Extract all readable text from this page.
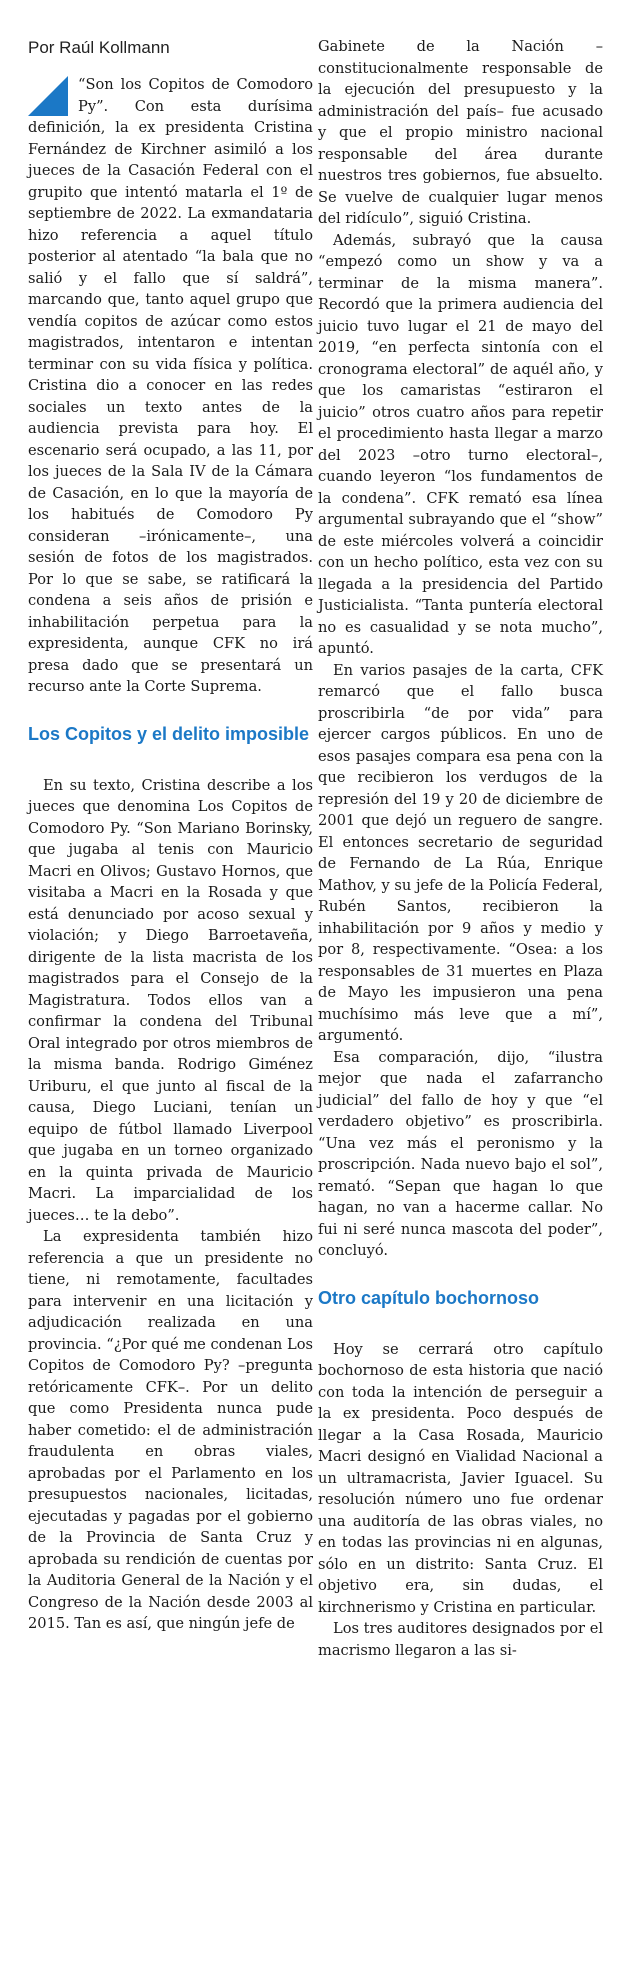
Por Raúl Kollmann

“Son los Copitos de Comodoro Py”. Con esta durísima definición, la ex presidenta Cristina Fernández de Kirchner asimiló a los jueces de la Casación Federal con el grupito que intentó matarla el 1º de septiembre de 2022. La exmandataria hizo referencia a aquel título posterior al atentado “la bala que no salió y el fallo que sí saldrá”, marcando que, tanto aquel grupo que vendía copitos de azúcar como estos magistrados, intentaron e intentan terminar con su vida física y política. Cristina dio a conocer en las redes sociales un texto antes de la audiencia prevista para hoy. El escenario será ocupado, a las 11, por los jueces de la Sala IV de la Cámara de Casación, en lo que la mayoría de los habitués de Comodoro Py consideran –irónicamente–, una sesión de fotos de los magistrados. Por lo que se sabe, se ratificará la condena a seis años de prisión e inhabilitación perpetua para la expresidenta, aunque CFK no irá presa dado que se presentará un recurso ante la Corte Suprema.

Los Copitos y el delito imposible

En su texto, Cristina describe a los jueces que denomina Los Copitos de Comodoro Py. “Son Mariano Borinsky, que jugaba al tenis con Mauricio Macri en Olivos; Gustavo Hornos, que visitaba a Macri en la Rosada y que está denunciado por acoso sexual y violación; y Diego Barroetaveña, dirigente de la lista macrista de los magistrados para el Consejo de la Magistratura. Todos ellos van a confirmar la condena del Tribunal Oral integrado por otros miembros de la misma banda. Rodrigo Giménez Uriburu, el que junto al fiscal de la causa, Diego Luciani, tenían un equipo de fútbol llamado Liverpool que jugaba en un torneo organizado en la quinta privada de Mauricio Macri. La imparcialidad de los jueces… te la debo”.

La expresidenta también hizo referencia a que un presidente no tiene, ni remotamente, facultades para intervenir en una licitación y adjudicación realizada en una provincia. “¿Por qué me condenan Los Copitos de Comodoro Py? –pregunta retóricamente CFK–. Por un delito que como Presidenta nunca pude haber cometido: el de administración fraudulenta en obras viales, aprobadas por el Parlamento en los presupuestos nacionales, licitadas, ejecutadas y pagadas por el gobierno de la Provincia de Santa Cruz y aprobada su rendición de cuentas por la Auditoria General de la Nación y el Congreso de la Nación desde 2003 al 2015. Tan es así, que ningún jefe de

Gabinete de la Nación –constitucionalmente responsable de la ejecución del presupuesto y la administración del país– fue acusado y que el propio ministro nacional responsable del área durante nuestros tres gobiernos, fue absuelto. Se vuelve de cualquier lugar menos del ridículo”, siguió Cristina.

Además, subrayó que la causa “empezó como un show y va a terminar de la misma manera”. Recordó que la primera audiencia del juicio tuvo lugar el 21 de mayo del 2019, “en perfecta sintonía con el cronograma electoral” de aquél año, y que los camaristas “estiraron el juicio” otros cuatro años para repetir el procedimiento hasta llegar a marzo del 2023 –otro turno electoral–, cuando leyeron “los fundamentos de la condena”. CFK remató esa línea argumental subrayando que el “show” de este miércoles volverá a coincidir con un hecho político, esta vez con su llegada a la presidencia del Partido Justicialista. “Tanta puntería electoral no es casualidad y se nota mucho”, apuntó.

En varios pasajes de la carta, CFK remarcó que el fallo busca proscribirla “de por vida” para ejercer cargos públicos. En uno de esos pasajes compara esa pena con la que recibieron los verdugos de la represión del 19 y 20 de diciembre de 2001 que dejó un reguero de sangre. El entonces secretario de seguridad de Fernando de La Rúa, Enrique Mathov, y su jefe de la Policía Federal, Rubén Santos, recibieron la inhabilitación por 9 años y medio y por 8, respectivamente. “Osea: a los responsables de 31 muertes en Plaza de Mayo les impusieron una pena muchísimo más leve que a mí”, argumentó.

Esa comparación, dijo, “ilustra mejor que nada el zafarrancho judicial” del fallo de hoy y que “el verdadero objetivo” es proscribirla. “Una vez más el peronismo y la proscripción. Nada nuevo bajo el sol”, remató. “Sepan que hagan lo que hagan, no van a hacerme callar. No fui ni seré nunca mascota del poder”, concluyó.

Otro capítulo bochornoso

Hoy se cerrará otro capítulo bochornoso de esta historia que nació con toda la intención de perseguir a la ex presidenta. Poco después de llegar a la Casa Rosada, Mauricio Macri designó en Vialidad Nacional a un ultramacrista, Javier Iguacel. Su resolución número uno fue ordenar una auditoría de las obras viales, no en todas las provincias ni en algunas, sólo en un distrito: Santa Cruz. El objetivo era, sin dudas, el kirchnerismo y Cristina en particular.

Los tres auditores designados por el macrismo llegaron a las si-
